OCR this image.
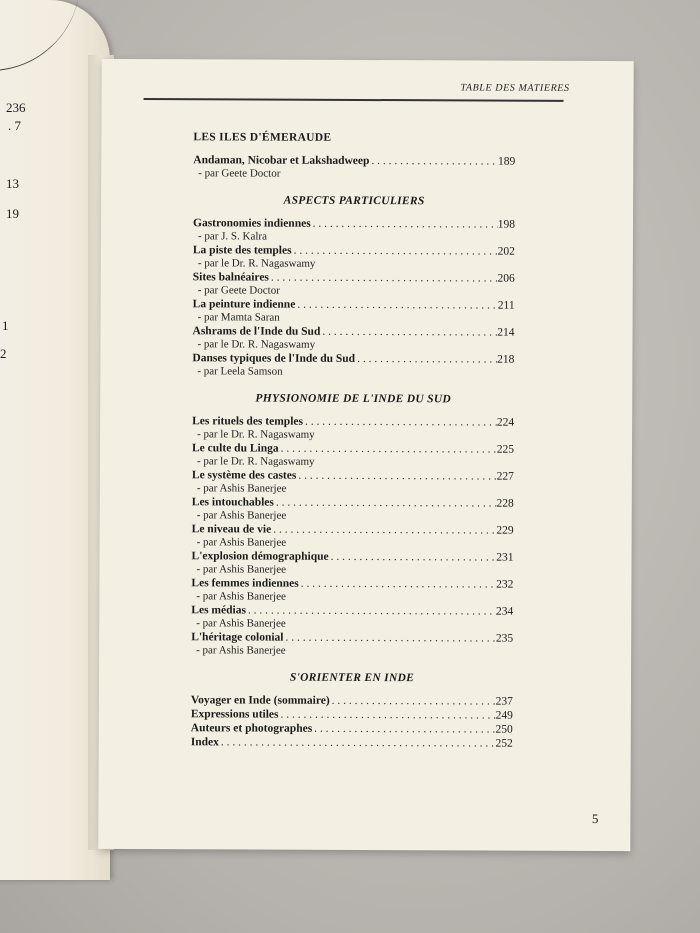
236
. 7
13
19
1
2
TABLE DES MATIERES
LES ILES D'ÉMERAUDE
Andaman, Nicobar et Lakshadweep . . .	189
- par Geete Doctor
ASPECTS PARTICULIERS
Gastronomies indiennes . . .	198
- par J. S. Kalra
La piste des temples . . .	202
- par le Dr. R. Nagaswamy
Sites balnéaires . . .	206
- par Geete Doctor
La peinture indienne . . .	211
- par Mamta Saran
Ashrams de l'Inde du Sud . . .	214
- par le Dr. R. Nagaswamy
Danses typiques de l'Inde du Sud . . .	218
- par Leela Samson
PHYSIONOMIE DE L'INDE DU SUD
Les rituels des temples . . .	224
- par le Dr. R. Nagaswamy
Le culte du Linga . . .	225
- par le Dr. R. Nagaswamy
Le système des castes . . .	227
- par Ashis Banerjee
Les intouchables . . .	228
- par Ashis Banerjee
Le niveau de vie . . .	229
- par Ashis Banerjee
L'explosion démographique . . .	231
- par Ashis Banerjee
Les femmes indiennes . . .	232
- par Ashis Banerjee
Les médias . . .	234
- par Ashis Banerjee
L'héritage colonial . . .	235
- par Ashis Banerjee
S'ORIENTER EN INDE
Voyager en Inde (sommaire) . . .	237
Expressions utiles . . .	249
Auteurs et photographes . . .	250
Index . . .	252
5
